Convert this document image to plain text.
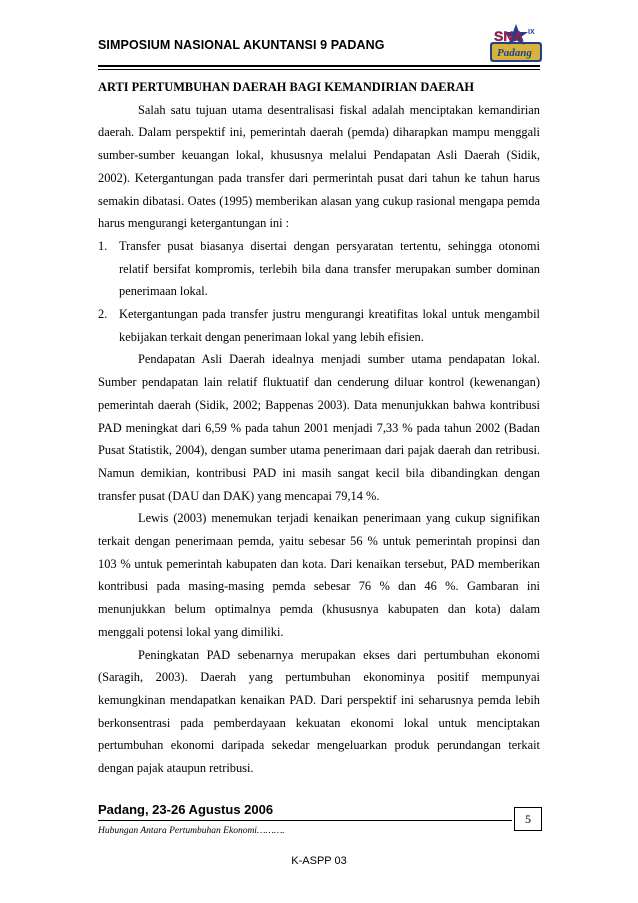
SIMPOSIUM NASIONAL AKUNTANSI 9 PADANG
SNA IX
Padang
ARTI PERTUMBUHAN DAERAH BAGI KEMANDIRIAN DAERAH

Salah satu tujuan utama desentralisasi fiskal adalah menciptakan kemandirian daerah. Dalam perspektif ini, pemerintah daerah (pemda) diharapkan mampu menggali sumber-sumber keuangan lokal, khususnya melalui Pendapatan Asli Daerah (Sidik, 2002). Ketergantungan pada transfer dari permerintah pusat dari tahun ke tahun harus semakin dibatasi. Oates (1995) memberikan alasan yang cukup rasional mengapa pemda harus mengurangi ketergantungan ini :

1. Transfer pusat biasanya disertai dengan persyaratan tertentu, sehingga otonomi relatif bersifat kompromis, terlebih bila dana transfer merupakan sumber dominan penerimaan lokal.
2. Ketergantungan pada transfer justru mengurangi kreatifitas lokal untuk mengambil kebijakan terkait dengan penerimaan lokal yang lebih efisien.

Pendapatan Asli Daerah idealnya menjadi sumber utama pendapatan lokal. Sumber pendapatan lain relatif fluktuatif dan cenderung diluar kontrol (kewenangan) pemerintah daerah (Sidik, 2002; Bappenas 2003). Data menunjukkan bahwa kontribusi PAD meningkat dari 6,59 % pada tahun 2001 menjadi 7,33 % pada tahun 2002 (Badan Pusat Statistik, 2004), dengan sumber utama penerimaan dari pajak daerah dan retribusi. Namun demikian, kontribusi PAD ini masih sangat kecil bila dibandingkan dengan transfer pusat (DAU dan DAK) yang mencapai 79,14 %.

Lewis (2003) menemukan terjadi kenaikan penerimaan yang cukup signifikan terkait dengan penerimaan pemda, yaitu sebesar 56 % untuk pemerintah propinsi dan 103 % untuk pemerintah kabupaten dan kota. Dari kenaikan tersebut, PAD memberikan kontribusi pada masing-masing pemda sebesar 76 % dan 46 %. Gambaran ini menunjukkan belum optimalnya pemda (khususnya kabupaten dan kota) dalam menggali potensi lokal yang dimiliki.

Peningkatan PAD sebenarnya merupakan ekses dari pertumbuhan ekonomi (Saragih, 2003). Daerah yang pertumbuhan ekonominya positif mempunyai kemungkinan mendapatkan kenaikan PAD. Dari perspektif ini seharusnya pemda lebih berkonsentrasi pada pemberdayaan kekuatan ekonomi lokal untuk menciptakan pertumbuhan ekonomi daripada sekedar mengeluarkan produk perundangan terkait dengan pajak ataupun retribusi.

Padang, 23-26 Agustus 2006
5
Hubungan Antara Pertumbuhan Ekonomi……….
K-ASPP 03
